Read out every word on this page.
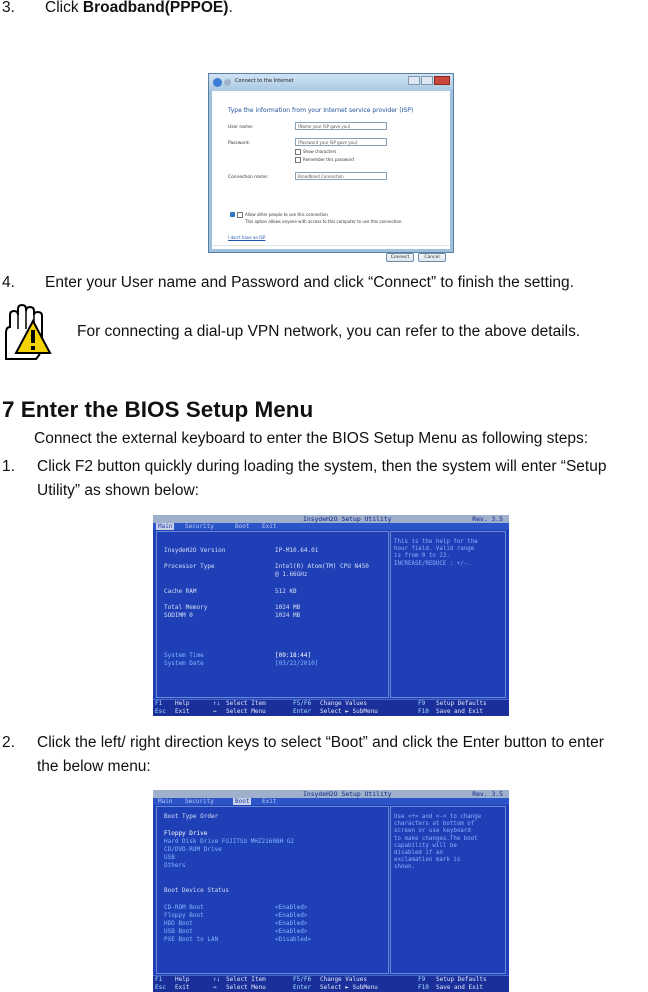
3. Click Broadband(PPPOE).
Connect to the Internet
Type the information from your Internet service provider (ISP)
User name:	[Name your ISP gave you]
Password:	[Password your ISP gave you]
Show characters
Remember this password
Connection name:	Broadband Connection
Allow other people to use this connection
This option allows anyone with access to this computer to use this connection.
I don't have an ISP
Connect	Cancel
4. Enter your User name and Password and click “Connect” to finish the setting.
For connecting a dial-up VPN network, you can refer to the above details.
7 Enter the BIOS Setup Menu
Connect the external keyboard to enter the BIOS Setup Menu as following steps:
1. Click F2 button quickly during loading the system, then the system will enter “Setup
Utility” as shown below:
InsydeH2O Setup Utility	Rev. 3.5
Main	Security	Boot	Exit
InsydeH2O Version	IP-M10.64.01
Processor Type	Intel(R) Atom(TM) CPU N450
@ 1.66GHz
Cache RAM	512 KB
Total Memory	1024 MB
SODIMM 0	1024 MB
System Time	[09:18:44]
System Date	[03/22/2010]
This is the help for the
hour field. Valid range
is from 0 to 23.
INCREASE/REDUCE : +/-.
F1 Help	↑↓ Select Item	F5/F6 Change Values	F9 Setup Defaults
Esc Exit	↔ Select Menu	Enter Select ► SubMenu	F10 Save and Exit
2. Click the left/ right direction keys to select “Boot” and click the Enter button to enter
the below menu:
InsydeH2O Setup Utility	Rev. 3.5
Main	Security	Boot	Exit
Boot Type Order
Floppy Drive
Hard Disk Drive FUJITSU MHZ2160BH G2
CD/DVD-ROM Drive
USB
Others
Boot Device Status
CD-ROM Boot	<Enabled>
Floppy Boot	<Enabled>
HDD Boot	<Enabled>
USB Boot	<Enabled>
PXE Boot to LAN	<Disabled>
Use <+> and <-> to change
characters at bottom of
screen or use keyboard
to make changes.The boot
capability will be
disabled if an
exclamation mark is
shown.
F1 Help	↑↓ Select Item	F5/F6 Change Values	F9 Setup Defaults
Esc Exit	↔ Select Menu	Enter Select ► SubMenu	F10 Save and Exit
